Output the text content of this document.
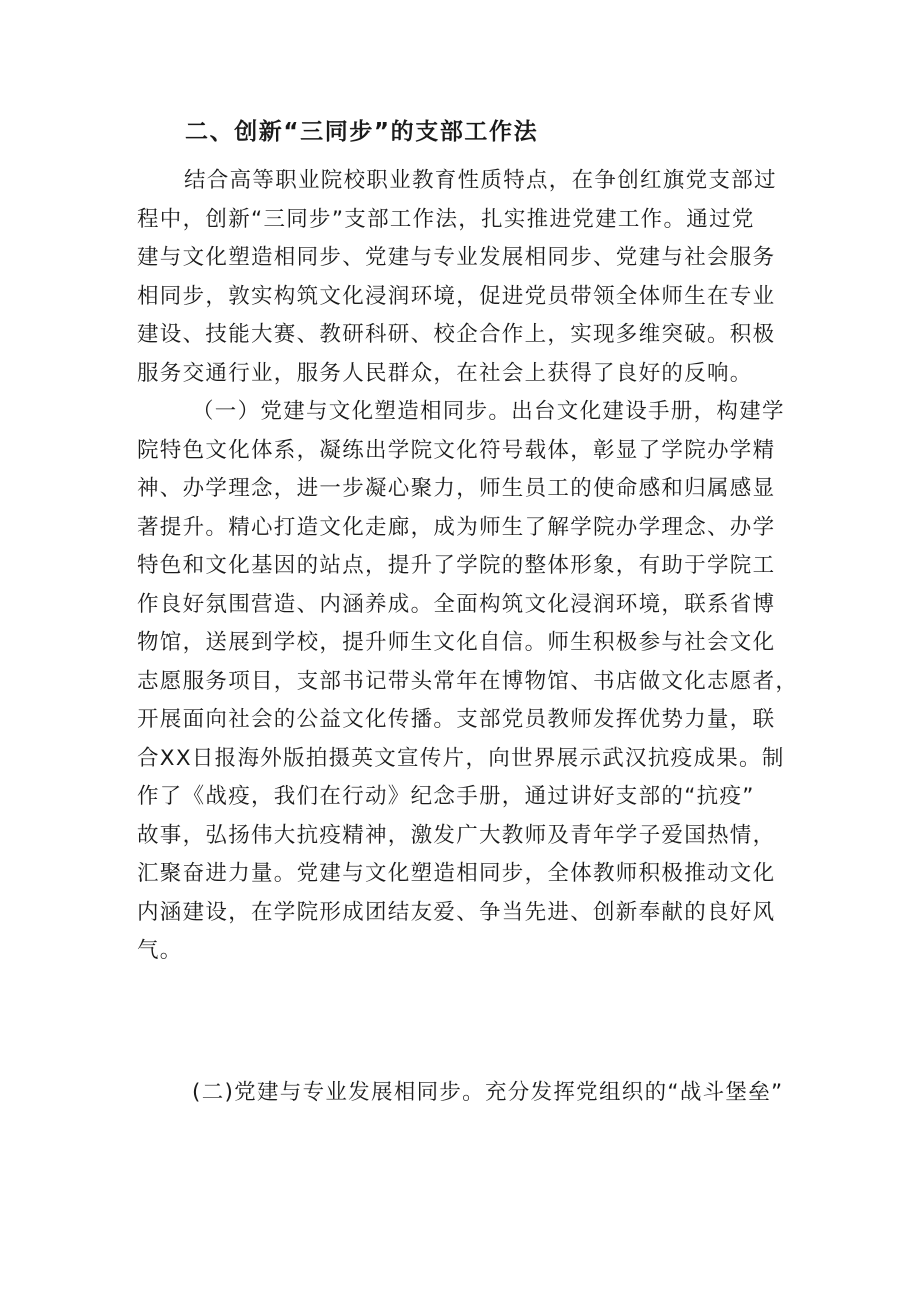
二、创新“三同步”的支部工作法
结合高等职业院校职业教育性质特点，在争创红旗党支部过
程中，创新“三同步”支部工作法，扎实推进党建工作。通过党
建与文化塑造相同步、党建与专业发展相同步、党建与社会服务
相同步，敦实构筑文化浸润环境，促进党员带领全体师生在专业
建设、技能大赛、教研科研、校企合作上，实现多维突破。积极
服务交通行业，服务人民群众，在社会上获得了良好的反响。
（一）党建与文化塑造相同步。出台文化建设手册，构建学
院特色文化体系，凝练出学院文化符号载体，彰显了学院办学精
神、办学理念，进一步凝心聚力，师生员工的使命感和归属感显
著提升。精心打造文化走廊，成为师生了解学院办学理念、办学
特色和文化基因的站点，提升了学院的整体形象，有助于学院工
作良好氛围营造、内涵养成。全面构筑文化浸润环境，联系省博
物馆，送展到学校，提升师生文化自信。师生积极参与社会文化
志愿服务项目，支部书记带头常年在博物馆、书店做文化志愿者，
开展面向社会的公益文化传播。支部党员教师发挥优势力量，联
合XX日报海外版拍摄英文宣传片，向世界展示武汉抗疫成果。制
作了《战疫，我们在行动》纪念手册，通过讲好支部的“抗疫”
故事，弘扬伟大抗疫精神，激发广大教师及青年学子爱国热情，
汇聚奋进力量。党建与文化塑造相同步，全体教师积极推动文化
内涵建设，在学院形成团结友爱、争当先进、创新奉献的良好风
气。
(二)党建与专业发展相同步。充分发挥党组织的“战斗堡垒”
